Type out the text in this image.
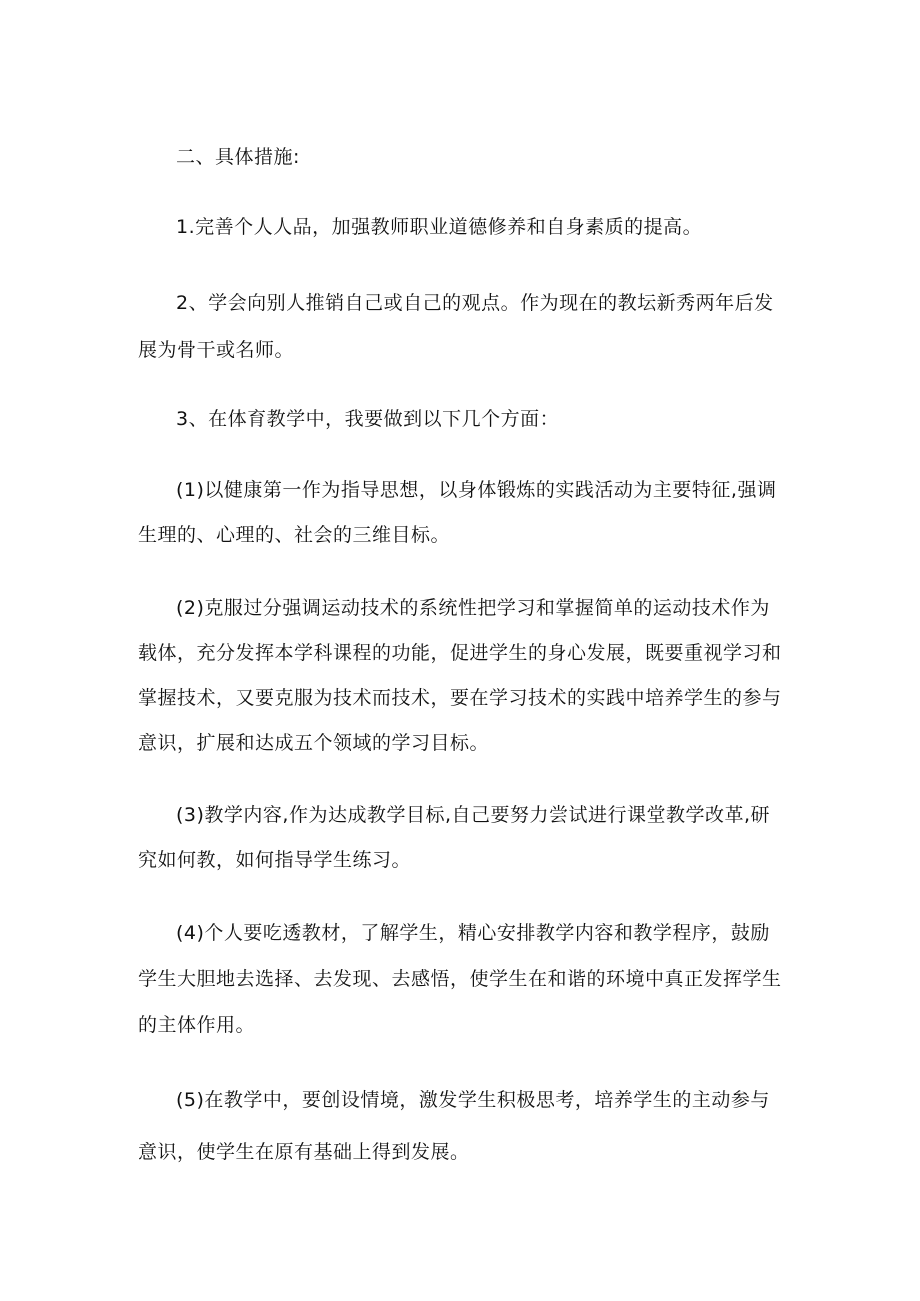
二、具体措施:

1.完善个人人品，加强教师职业道德修养和自身素质的提高。

2、学会向别人推销自己或自己的观点。作为现在的教坛新秀两年后发展为骨干或名师。

3、在体育教学中，我要做到以下几个方面：

(1)以健康第一作为指导思想，以身体锻炼的实践活动为主要特征,强调生理的、心理的、社会的三维目标。

(2)克服过分强调运动技术的系统性把学习和掌握简单的运动技术作为载体，充分发挥本学科课程的功能，促进学生的身心发展，既要重视学习和掌握技术，又要克服为技术而技术，要在学习技术的实践中培养学生的参与意识，扩展和达成五个领域的学习目标。

(3)教学内容,作为达成教学目标,自己要努力尝试进行课堂教学改革,研究如何教，如何指导学生练习。

(4)个人要吃透教材，了解学生，精心安排教学内容和教学程序，鼓励学生大胆地去选择、去发现、去感悟，使学生在和谐的环境中真正发挥学生的主体作用。

(5)在教学中，要创设情境，激发学生积极思考，培养学生的主动参与意识，使学生在原有基础上得到发展。
